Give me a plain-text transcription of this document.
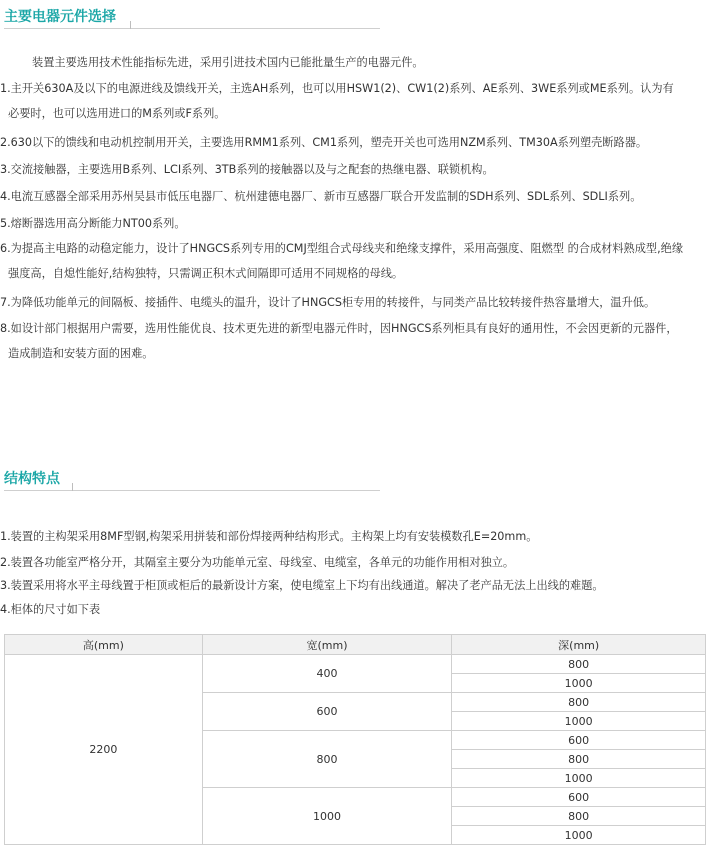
主要电器元件选择

装置主要选用技术性能指标先进，采用引进技术国内已能批量生产的电器元件。

1.主开关630A及以下的电源进线及馈线开关，主选AH系列，也可以用HSW1(2)、CW1(2)系列、AE系列、3WE系列或ME系列。认为有
必要时，也可以选用进口的M系列或F系列。
2.630以下的馈线和电动机控制用开关，主要选用RMM1系列、CM1系列，塑壳开关也可选用NZM系列、TM30A系列塑壳断路器。
3.交流接触器，主要选用B系列、LCI系列、3TB系列的接触器以及与之配套的热继电器、联锁机构。
4.电流互感器全部采用苏州吴县市低压电器厂、杭州建德电器厂、新市互感器厂联合开发监制的SDH系列、SDL系列、SDLI系列。
5.熔断器选用高分断能力NT00系列。
6.为提高主电路的动稳定能力，设计了HNGCS系列专用的CMJ型组合式母线夹和绝缘支撑件，采用高强度、阻燃型 的合成材料熟成型,绝缘
强度高，自熄性能好,结构独特，只需调正积木式间隔即可适用不同规格的母线。
7.为降低功能单元的间隔板、接插件、电缆头的温升，设计了HNGCS柜专用的转接件，与同类产品比较转接件热容量增大，温升低。
8.如设计部门根据用户需要，选用性能优良、技术更先进的新型电器元件时，因HNGCS系列柜具有良好的通用性，不会因更新的元器件，
造成制造和安装方面的困难。
结构特点
1.装置的主构架采用8MF型钢,构架采用拼装和部份焊接两种结构形式。主构架上均有安装模数孔E=20mm。
2.装置各功能室严格分开，其隔室主要分为功能单元室、母线室、电缆室，各单元的功能作用相对独立。
3.装置采用将水平主母线置于柜顶或柜后的最新设计方案，使电缆室上下均有出线通道。解决了老产品无法上出线的难题。
4.柜体的尺寸如下表
高(mm)	宽(mm)	深(mm)
2200	400	800
		1000
	600	800
		1000
	800	600
		800
		1000
	1000	600
		800
		1000
